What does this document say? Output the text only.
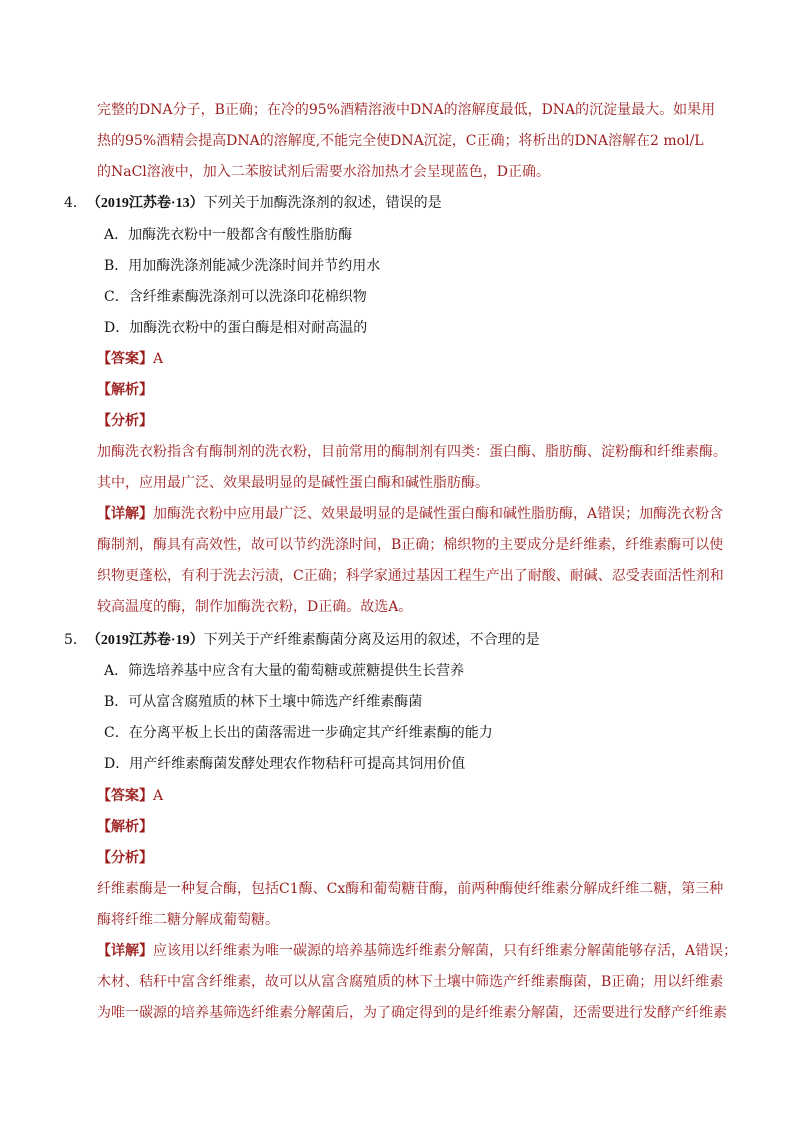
完整的DNA分子，B正确；在冷的95%酒精溶液中DNA的溶解度最低，DNA的沉淀量最大。如果用
热的95%酒精会提高DNA的溶解度,不能完全使DNA沉淀，C正确；将析出的DNA溶解在2 mol/L
的NaCl溶液中，加入二苯胺试剂后需要水浴加热才会呈现蓝色，D正确。
4．（2019江苏卷·13）下列关于加酶洗涤剂的叙述，错误的是
A．加酶洗衣粉中一般都含有酸性脂肪酶
B．用加酶洗涤剂能减少洗涤时间并节约用水
C．含纤维素酶洗涤剂可以洗涤印花棉织物
D．加酶洗衣粉中的蛋白酶是相对耐高温的
【答案】A
【解析】
【分析】
加酶洗衣粉指含有酶制剂的洗衣粉，目前常用的酶制剂有四类：蛋白酶、脂肪酶、淀粉酶和纤维素酶。
其中，应用最广泛、效果最明显的是碱性蛋白酶和碱性脂肪酶。
【详解】加酶洗衣粉中应用最广泛、效果最明显的是碱性蛋白酶和碱性脂肪酶，A错误；加酶洗衣粉含
酶制剂，酶具有高效性，故可以节约洗涤时间，B正确；棉织物的主要成分是纤维素，纤维素酶可以使
织物更蓬松，有利于洗去污渍，C正确；科学家通过基因工程生产出了耐酸、耐碱、忍受表面活性剂和
较高温度的酶，制作加酶洗衣粉，D正确。故选A。
5．（2019江苏卷·19）下列关于产纤维素酶菌分离及运用的叙述，不合理的是
A．筛选培养基中应含有大量的葡萄糖或蔗糖提供生长营养
B．可从富含腐殖质的林下土壤中筛选产纤维素酶菌
C．在分离平板上长出的菌落需进一步确定其产纤维素酶的能力
D．用产纤维素酶菌发酵处理农作物秸秆可提高其饲用价值
【答案】A
【解析】
【分析】
纤维素酶是一种复合酶，包括C1酶、Cx酶和葡萄糖苷酶，前两种酶使纤维素分解成纤维二糖，第三种
酶将纤维二糖分解成葡萄糖。
【详解】应该用以纤维素为唯一碳源的培养基筛选纤维素分解菌，只有纤维素分解菌能够存活，A错误；
木材、秸秆中富含纤维素，故可以从富含腐殖质的林下土壤中筛选产纤维素酶菌，B正确；用以纤维素
为唯一碳源的培养基筛选纤维素分解菌后，为了确定得到的是纤维素分解菌，还需要进行发酵产纤维素
